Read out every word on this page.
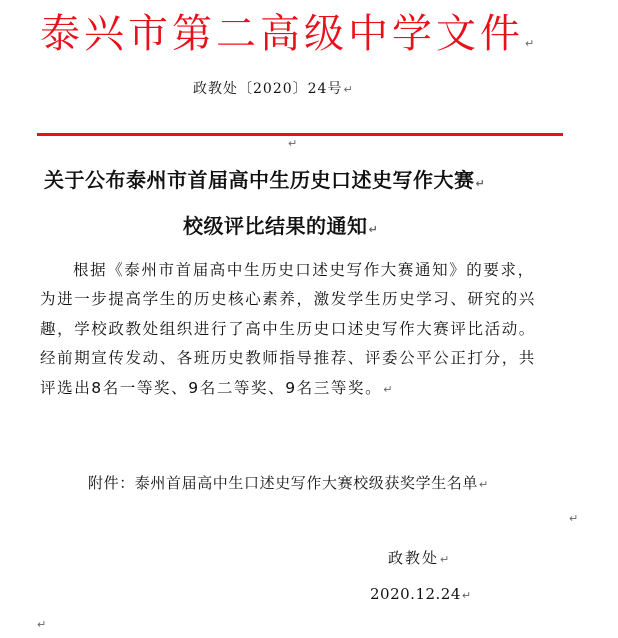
泰兴市第二高级中学文件↵
政教处〔2020〕24号↵
↵
关于公布泰州市首届高中生历史口述史写作大赛↵
校级评比结果的通知↵

根据《泰州市首届高中生历史口述史写作大赛通知》的要求，为进一步提高学生的历史核心素养，激发学生历史学习、研究的兴趣，学校政教处组织进行了高中生历史口述史写作大赛评比活动。经前期宣传发动、各班历史教师指导推荐、评委公平公正打分，共评选出8名一等奖、9名二等奖、9名三等奖。↵

附件：泰州首届高中生口述史写作大赛校级获奖学生名单↵
↵
政教处↵
2020.12.24↵
↵
